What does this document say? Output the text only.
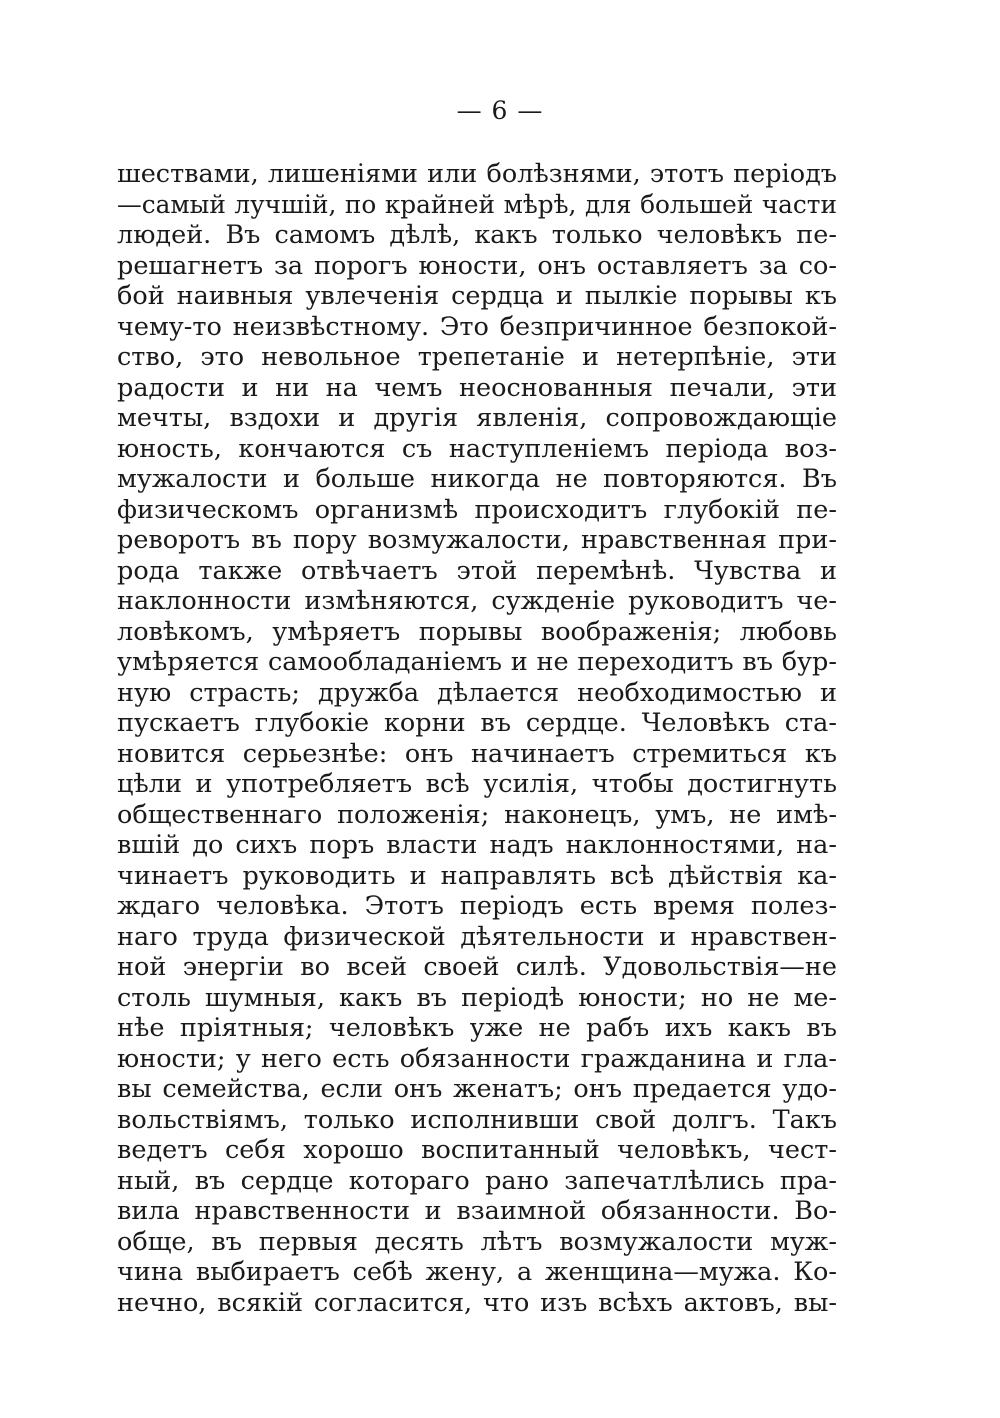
— 6 —
шествами, лишеніями или болѣзнями, этотъ періодъ
—самый лучшій, по крайней мѣрѣ, для большей части
людей. Въ самомъ дѣлѣ, какъ только человѣкъ пе-
решагнетъ за порогъ юности, онъ оставляетъ за со-
бой наивныя увлеченія сердца и пылкіе порывы къ
чему-то неизвѣстному. Это безпричинное безпокой-
ство, это невольное трепетаніе и нетерпѣніе, эти
радости и ни на чемъ неоснованныя печали, эти
мечты, вздохи и другія явленія, сопровождающіе
юность, кончаются съ наступленіемъ періода воз-
мужалости и больше никогда не повторяются. Въ
физическомъ организмѣ происходитъ глубокій пе-
реворотъ въ пору возмужалости, нравственная при-
рода также отвѣчаетъ этой перемѣнѣ. Чувства и
наклонности измѣняются, сужденіе руководитъ че-
ловѣкомъ, умѣряетъ порывы воображенія; любовь
умѣряется самообладаніемъ и не переходитъ въ бур-
ную страсть; дружба дѣлается необходимостью и
пускаетъ глубокіе корни въ сердце. Человѣкъ ста-
новится серьезнѣе: онъ начинаетъ стремиться къ
цѣли и употребляетъ всѣ усилія, чтобы достигнуть
общественнаго положенія; наконецъ, умъ, не имѣ-
вшій до сихъ поръ власти надъ наклонностями, на-
чинаетъ руководить и направлять всѣ дѣйствія ка-
ждаго человѣка. Этотъ періодъ есть время полез-
наго труда физической дѣятельности и нравствен-
ной энергіи во всей своей силѣ. Удовольствія—не
столь шумныя, какъ въ періодѣ юности; но не ме-
нѣе пріятныя; человѣкъ уже не рабъ ихъ какъ въ
юности; у него есть обязанности гражданина и гла-
вы семейства, если онъ женатъ; онъ предается удо-
вольствіямъ, только исполнивши свой долгъ. Такъ
ведетъ себя хорошо воспитанный человѣкъ, чест-
ный, въ сердце котораго рано запечатлѣлись пра-
вила нравственности и взаимной обязанности. Во-
обще, въ первыя десять лѣтъ возмужалости муж-
чина выбираетъ себѣ жену, а женщина—мужа. Ко-
нечно, всякій согласится, что изъ всѣхъ актовъ, вы-
